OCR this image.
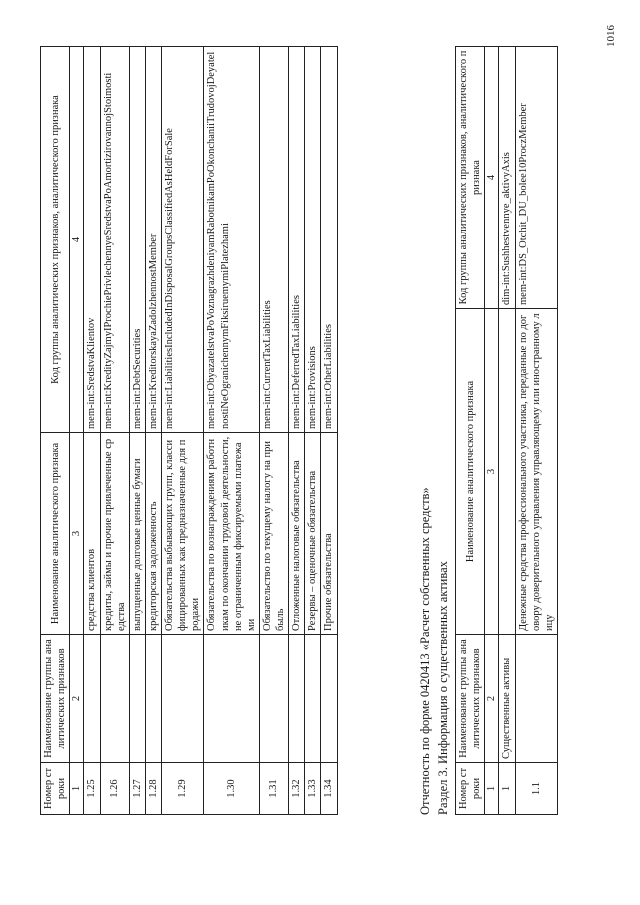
Номер строки	Наименование группы аналитических признаков	Наименование аналитического признака	Код группы аналитических признаков, аналитического признака
1	2	3	4
1.25		средства клиентов	mem-int:SredstvaKlientov
1.26		кредиты, займы и прочие привлеченные средства	mem-int:KredityZajmyIProchiePrivlechennyeSredstvaPoAmortizirovannojStoimosti
1.27		выпущенные долговые ценные бумаги	mem-int:DebtSecurities
1.28		кредиторская задолженность	mem-int:KreditorskayaZadolzhennostMember
1.29		Обязательства выбывающих групп, классифицированных как предназначенные для продажи	mem-int:LiabilitiesIncludedInDisposalGroupsClassifiedAsHeldForSale
1.30		Обязательства по вознаграждениям работникам по окончании трудовой деятельности, не ограниченным фиксируемыми платежами	mem-int:ObyazatelstvaPoVoznagrazhdeniyamRabotnikamPoOkonchaniiTrudovojDeyatelnostiNeOgranichennymFiksiruemymiPlatezhami
1.31		Обязательство по текущему налогу на прибыль	mem-int:CurrentTaxLiabilities
1.32		Отложенные налоговые обязательства	mem-int:DeferredTaxLiabilities
1.33		Резервы – оценочные обязательства	mem-int:Provisions
1.34		Прочие обязательства	mem-int:OtherLiabilities
Отчетность по форме 0420413 «Расчет собственных средств» Раздел 3. Информация о существенных активах Номер строки	Наименование группы аналитических признаков	Наименование аналитического признака	Код группы аналитических признаков, аналитического признака
1	2	3	4
1	Существенные активы		dim-int:Sushhestvennye_aktivyAxis
1.1		Денежные средства профессионального участника, переданные по договору доверительного управления управляющему или иностранному лицу	mem-int:DS_Otchit_DU_bolee10ProczMember
1016
